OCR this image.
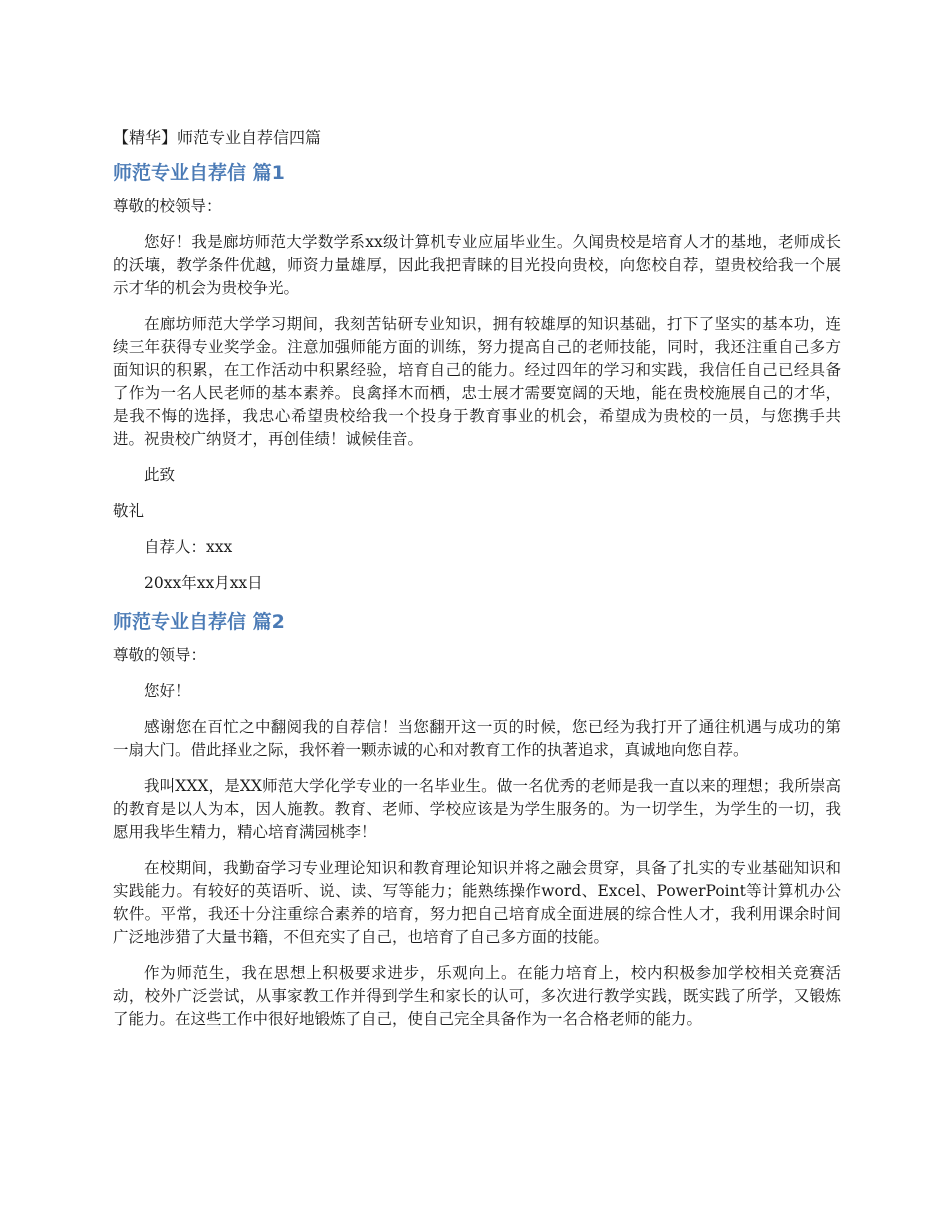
【精华】师范专业自荐信四篇
师范专业自荐信 篇1

尊敬的校领导：

您好！我是廊坊师范大学数学系xx级计算机专业应届毕业生。久闻贵校是培育人才的基地，老师成长的沃壤，教学条件优越，师资力量雄厚，因此我把青睐的目光投向贵校，向您校自荐，望贵校给我一个展示才华的机会为贵校争光。

在廊坊师范大学学习期间，我刻苦钻研专业知识，拥有较雄厚的知识基础，打下了坚实的基本功，连续三年获得专业奖学金。注意加强师能方面的训练，努力提高自己的老师技能，同时，我还注重自己多方面知识的积累，在工作活动中积累经验，培育自己的能力。经过四年的学习和实践，我信任自己已经具备了作为一名人民老师的基本素养。良禽择木而栖，忠士展才需要宽阔的天地，能在贵校施展自己的才华，是我不悔的选择，我忠心希望贵校给我一个投身于教育事业的机会，希望成为贵校的一员，与您携手共进。祝贵校广纳贤才，再创佳绩！诚候佳音。

此致

敬礼

自荐人：xxx

20xx年xx月xx日

师范专业自荐信 篇2

尊敬的领导：

您好！

感谢您在百忙之中翻阅我的自荐信！当您翻开这一页的时候，您已经为我打开了通往机遇与成功的第一扇大门。借此择业之际，我怀着一颗赤诚的心和对教育工作的执著追求，真诚地向您自荐。

我叫XXX，是XX师范大学化学专业的一名毕业生。做一名优秀的老师是我一直以来的理想；我所崇高的教育是以人为本，因人施教。教育、老师、学校应该是为学生服务的。为一切学生，为学生的一切，我愿用我毕生精力，精心培育满园桃李！

在校期间，我勤奋学习专业理论知识和教育理论知识并将之融会贯穿，具备了扎实的专业基础知识和实践能力。有较好的英语听、说、读、写等能力；能熟练操作word、Excel、PowerPoint等计算机办公软件。平常，我还十分注重综合素养的培育，努力把自己培育成全面进展的综合性人才，我利用课余时间广泛地涉猎了大量书籍，不但充实了自己，也培育了自己多方面的技能。

作为师范生，我在思想上积极要求进步，乐观向上。在能力培育上，校内积极参加学校相关竞赛活动，校外广泛尝试，从事家教工作并得到学生和家长的认可，多次进行教学实践，既实践了所学，又锻炼了能力。在这些工作中很好地锻炼了自己，使自己完全具备作为一名合格老师的能力。
